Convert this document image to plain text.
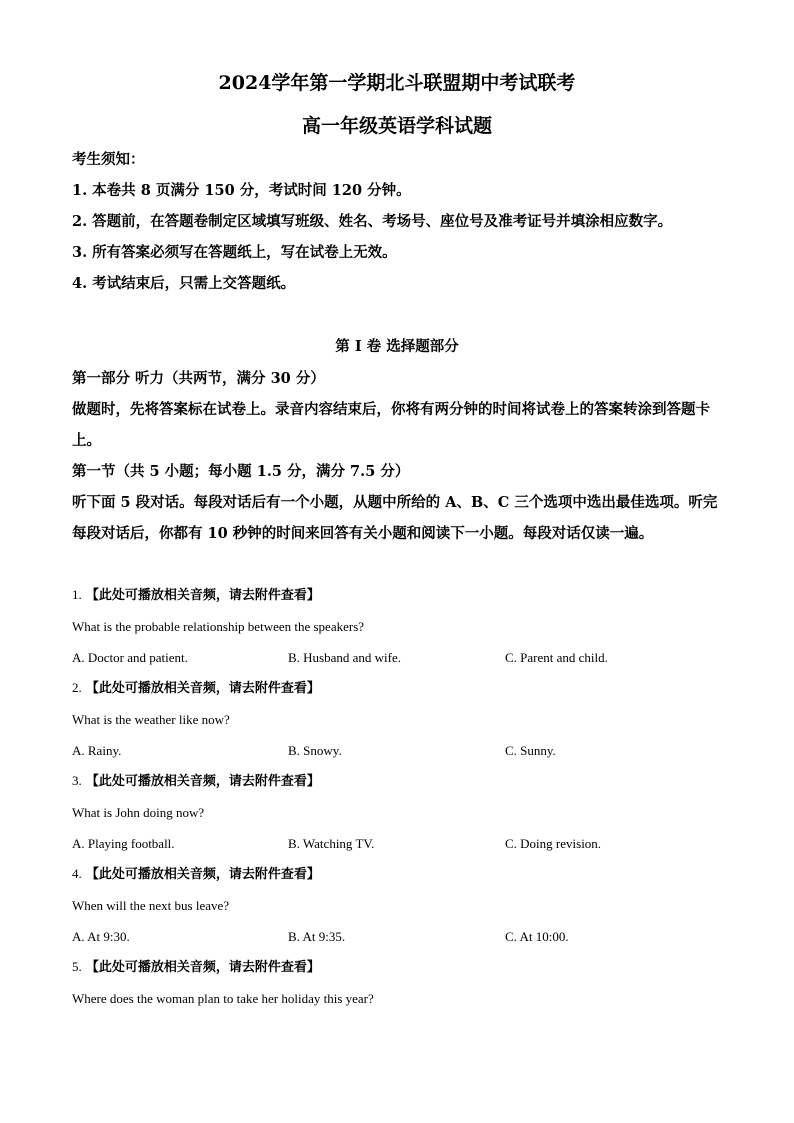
2024学年第一学期北斗联盟期中考试联考
高一年级英语学科试题

考生须知：

1. 本卷共 8 页满分 150 分，考试时间 120 分钟。

2. 答题前，在答题卷制定区域填写班级、姓名、考场号、座位号及准考证号并填涂相应数字。

3. 所有答案必须写在答题纸上，写在试卷上无效。

4. 考试结束后，只需上交答题纸。

第 I 卷 选择题部分

第一部分 听力（共两节，满分 30 分）

做题时，先将答案标在试卷上。录音内容结束后，你将有两分钟的时间将试卷上的答案转涂到答题卡上。

第一节（共 5 小题；每小题 1.5 分，满分 7.5 分）

听下面 5 段对话。每段对话后有一个小题，从题中所给的 A、B、C 三个选项中选出最佳选项。听完每段对话后，你都有 10 秒钟的时间来回答有关小题和阅读下一小题。每段对话仅读一遍。

1. 【此处可播放相关音频，请去附件查看】
What is the probable relationship between the speakers?
A. Doctor and patient.	B. Husband and wife.	C. Parent and child.
2. 【此处可播放相关音频，请去附件查看】
What is the weather like now?
A. Rainy.	B. Snowy.	C. Sunny.
3. 【此处可播放相关音频，请去附件查看】
What is John doing now?
A. Playing football.	B. Watching TV.	C. Doing revision.
4. 【此处可播放相关音频，请去附件查看】
When will the next bus leave?
A. At 9:30.	B. At 9:35.	C. At 10:00.
5. 【此处可播放相关音频，请去附件查看】
Where does the woman plan to take her holiday this year?
